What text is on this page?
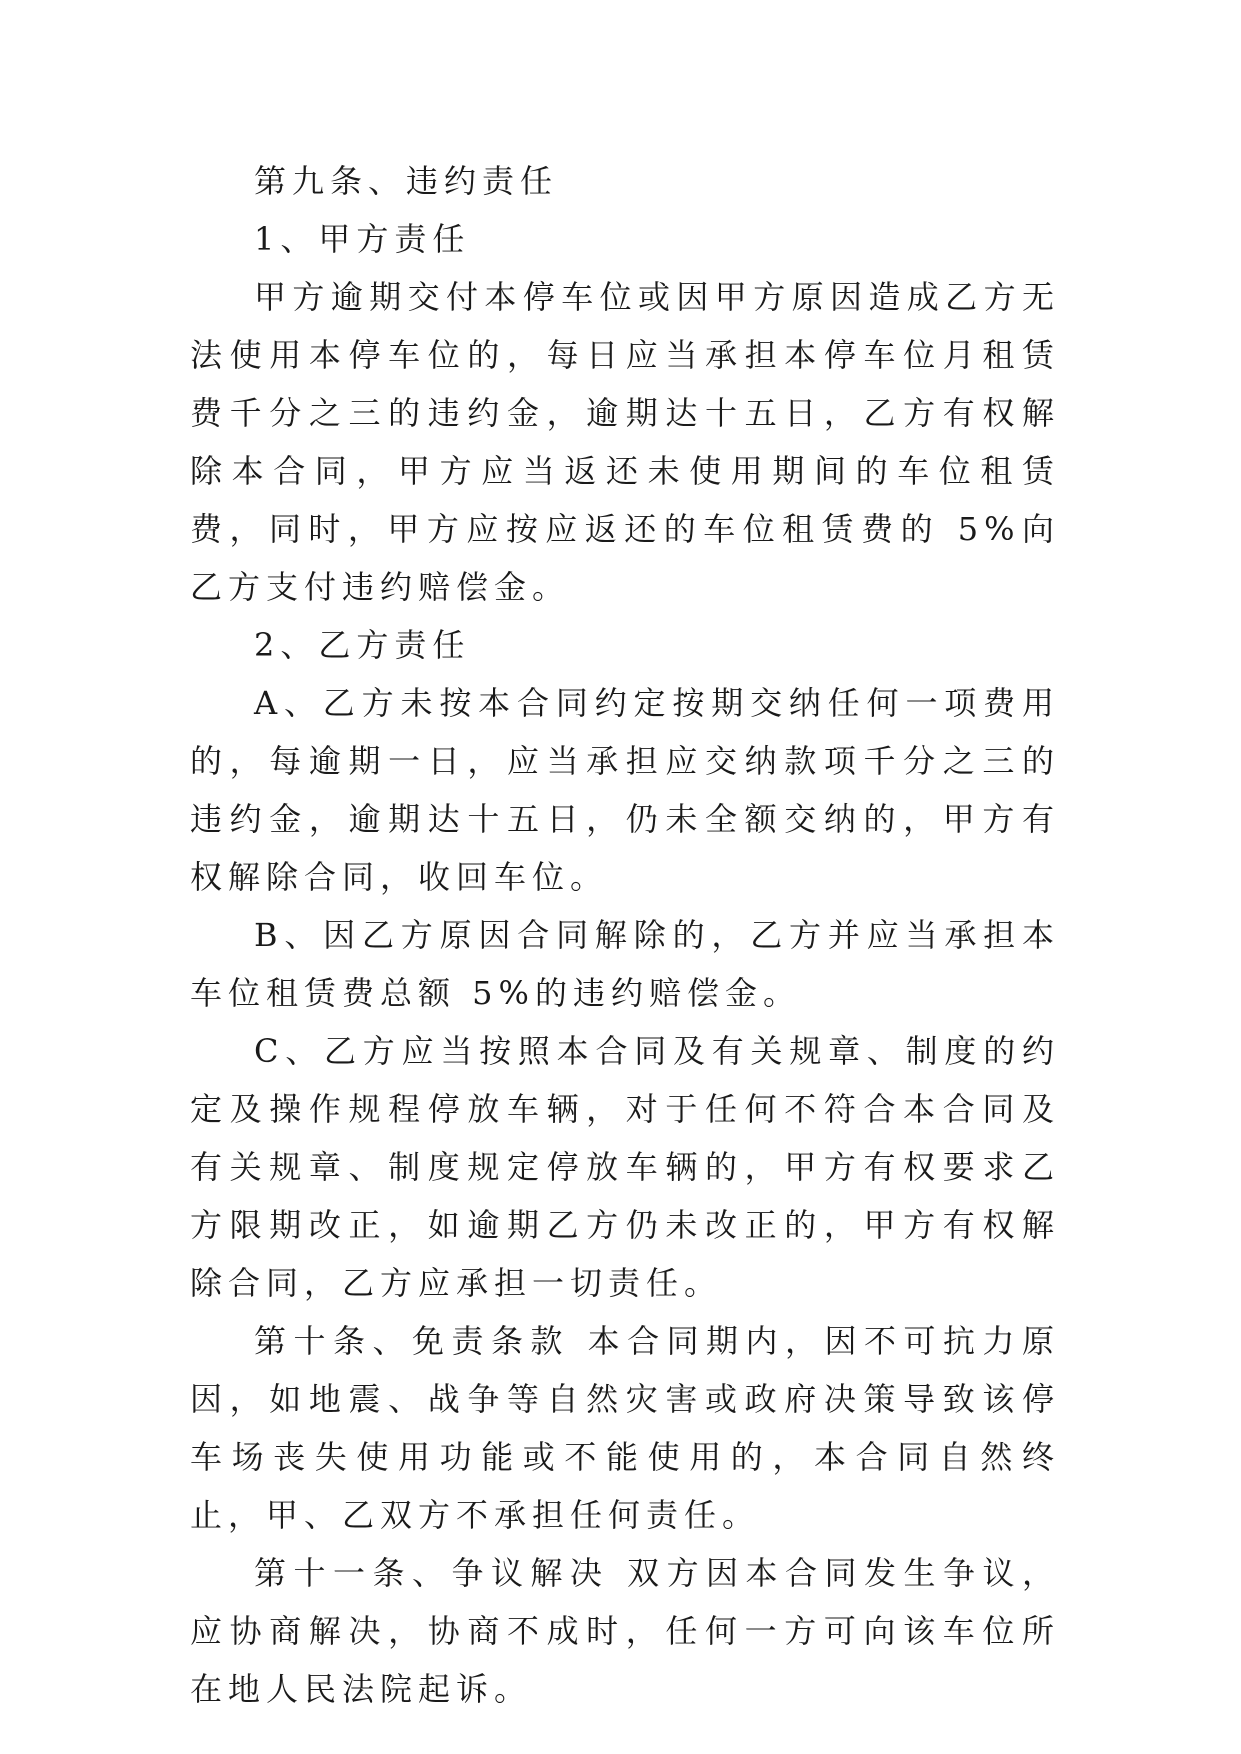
第九条、违约责任

1、甲方责任

甲方逾期交付本停车位或因甲方原因造成乙方无法使用本停车位的，每日应当承担本停车位月租赁费千分之三的违约金，逾期达十五日，乙方有权解除本合同，甲方应当返还未使用期间的车位租赁费，同时，甲方应按应返还的车位租赁费的 5%向乙方支付违约赔偿金。

2、乙方责任

A、乙方未按本合同约定按期交纳任何一项费用的，每逾期一日，应当承担应交纳款项千分之三的违约金，逾期达十五日，仍未全额交纳的，甲方有权解除合同，收回车位。

B、因乙方原因合同解除的，乙方并应当承担本车位租赁费总额 5%的违约赔偿金。

C、乙方应当按照本合同及有关规章、制度的约定及操作规程停放车辆，对于任何不符合本合同及有关规章、制度规定停放车辆的，甲方有权要求乙方限期改正，如逾期乙方仍未改正的，甲方有权解除合同，乙方应承担一切责任。

第十条、免责条款 本合同期内，因不可抗力原因，如地震、战争等自然灾害或政府决策导致该停车场丧失使用功能或不能使用的，本合同自然终止，甲、乙双方不承担任何责任。

第十一条、争议解决 双方因本合同发生争议，应协商解决，协商不成时，任何一方可向该车位所在地人民法院起诉。
